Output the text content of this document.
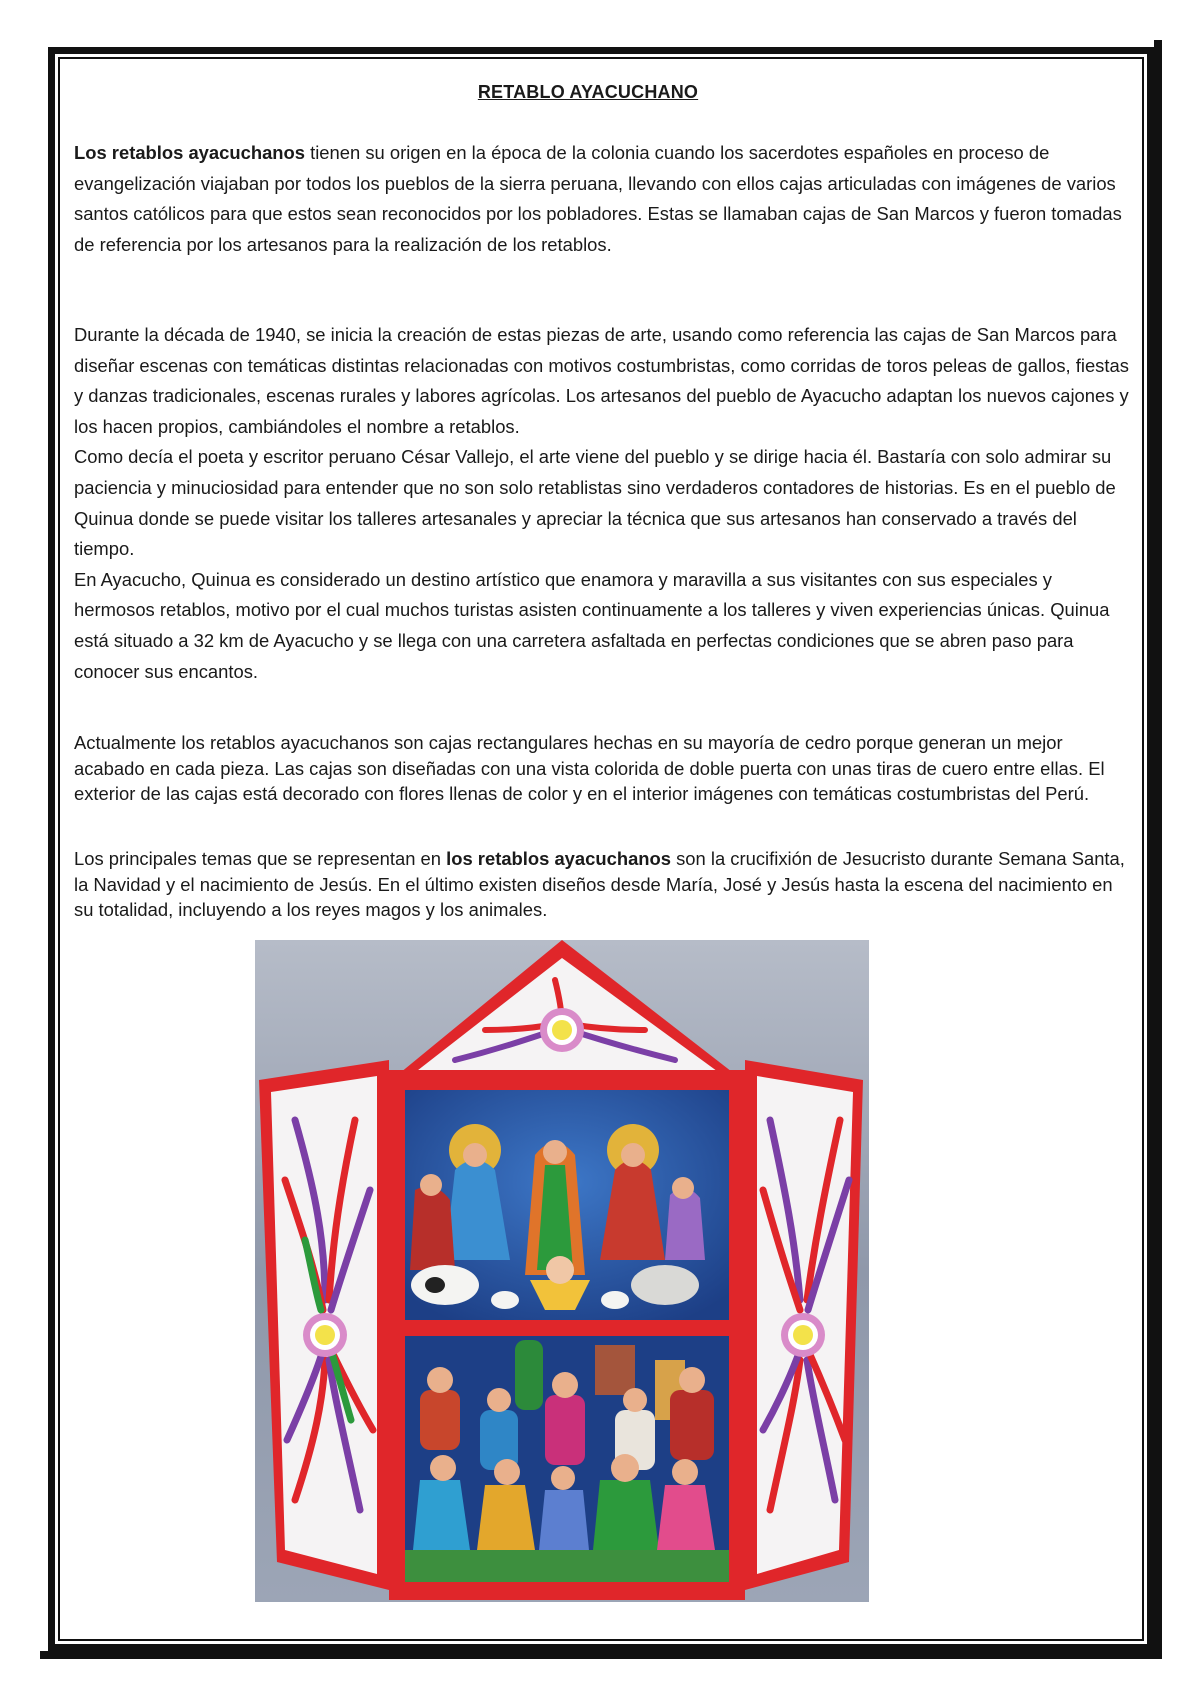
RETABLO AYACUCHANO

Los retablos ayacuchanos tienen su origen en la época de la colonia cuando los sacerdotes españoles en proceso de evangelización viajaban por todos los pueblos de la sierra peruana, llevando con ellos cajas articuladas con imágenes de varios santos católicos para que estos sean reconocidos por los pobladores. Estas se llamaban cajas de San Marcos y fueron tomadas de referencia por los artesanos para la realización de los retablos.

Durante la década de 1940, se inicia la creación de estas piezas de arte, usando como referencia las cajas de San Marcos para diseñar escenas con temáticas distintas relacionadas con motivos costumbristas, como corridas de toros peleas de gallos, fiestas y danzas tradicionales, escenas rurales y labores agrícolas. Los artesanos del pueblo de Ayacucho adaptan los nuevos cajones y los hacen propios, cambiándoles el nombre a retablos.

Como decía el poeta y escritor peruano César Vallejo, el arte viene del pueblo y se dirige hacia él. Bastaría con solo admirar su paciencia y minuciosidad para entender que no son solo retablistas sino verdaderos contadores de historias. Es en el pueblo de Quinua donde se puede visitar los talleres artesanales y apreciar la técnica que sus artesanos han conservado a través del tiempo.

En Ayacucho, Quinua es considerado un destino artístico que enamora y maravilla a sus visitantes con sus especiales y hermosos retablos, motivo por el cual muchos turistas asisten continuamente a los talleres y viven experiencias únicas. Quinua está situado a 32 km de Ayacucho y se llega con una carretera asfaltada en perfectas condiciones que se abren paso para conocer sus encantos.

Actualmente los retablos ayacuchanos son cajas rectangulares hechas en su mayoría de cedro porque generan un mejor acabado en cada pieza. Las cajas son diseñadas con una vista colorida de doble puerta con unas tiras de cuero entre ellas. El exterior de las cajas está decorado con flores llenas de color y en el interior imágenes con temáticas costumbristas del Perú.

Los principales temas que se representan en los retablos ayacuchanos son la crucifixión de Jesucristo durante Semana Santa, la Navidad y el nacimiento de Jesús. En el último existen diseños desde María, José y Jesús hasta la escena del nacimiento en su totalidad, incluyendo a los reyes magos y los animales.
